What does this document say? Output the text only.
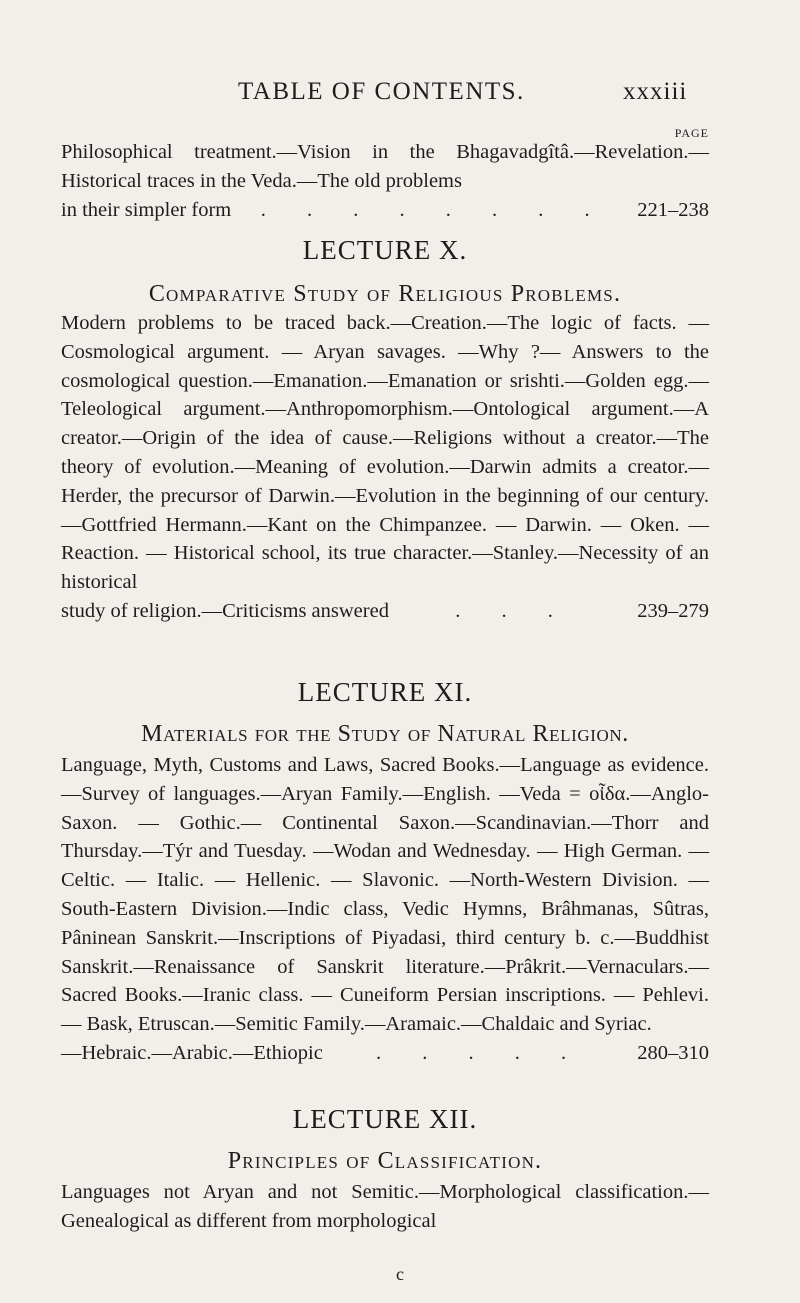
TABLE OF CONTENTS.	xxxiii
PAGE
Philosophical treatment.—Vision in the Bhagavadgîtâ.—Revelation.—Historical traces in the Veda.—The old problems
in their simpler form	. . . . . . . .	221–238
LECTURE X.
Comparative Study of Religious Problems.
Modern problems to be traced back.—Creation.—The logic of facts. — Cosmological argument. — Aryan savages. —Why ?— Answers to the cosmological question.—Emanation.—Emanation or srishti.—Golden egg.—Teleological argument.—Anthropomorphism.—Ontological argument.—A creator.—Origin of the idea of cause.—Religions without a creator.—The theory of evolution.—Meaning of evolution.—Darwin admits a creator.—Herder, the precursor of Darwin.—Evolution in the beginning of our century.—Gottfried Hermann.—Kant on the Chimpanzee. — Darwin. — Oken. — Reaction. — Historical school, its true character.—Stanley.—Necessity of an historical
study of religion.—Criticisms answered	. . .	239–279
LECTURE XI.
Materials for the Study of Natural Religion.
Language, Myth, Customs and Laws, Sacred Books.—Language as evidence.—Survey of languages.—Aryan Family.—English. —Veda = οἶδα.—Anglo-Saxon. — Gothic.— Continental Saxon.—Scandinavian.—Thorr and Thursday.—Týr and Tuesday. —Wodan and Wednesday. — High German. — Celtic. — Italic. — Hellenic. — Slavonic. —North-Western Division. — South-Eastern Division.—Indic class, Vedic Hymns, Brâhmanas, Sûtras, Pâninean Sanskrit.—Inscriptions of Piyadasi, third century b. c.—Buddhist Sanskrit.—Renaissance of Sanskrit literature.—Prâkrit.—Vernaculars.—Sacred Books.—Iranic class. — Cuneiform Persian inscriptions. — Pehlevi. — Bask, Etruscan.—Semitic Family.—Aramaic.—Chaldaic and Syriac.
—Hebraic.—Arabic.—Ethiopic	. . . . .	280–310
LECTURE XII.
Principles of Classification.
Languages not Aryan and not Semitic.—Morphological classification.—Genealogical as different from morphological
c
